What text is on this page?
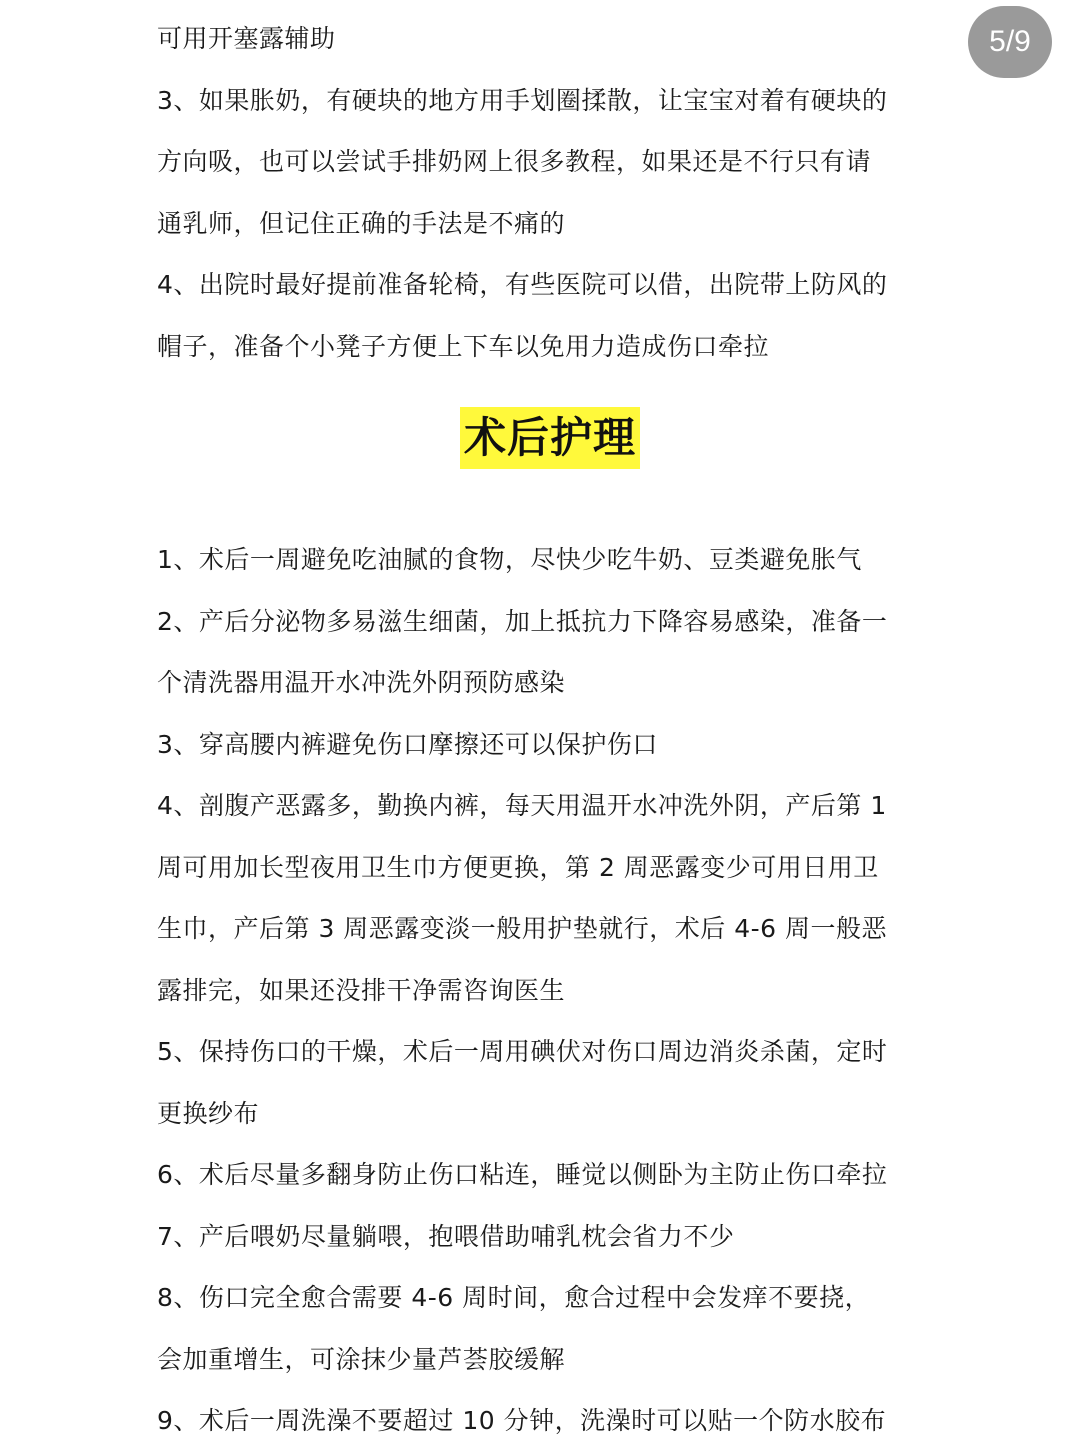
5/9
可用开塞露辅助
3、如果胀奶，有硬块的地方用手划圈揉散，让宝宝对着有硬块的
方向吸，也可以尝试手排奶网上很多教程，如果还是不行只有请
通乳师，但记住正确的手法是不痛的
4、出院时最好提前准备轮椅，有些医院可以借，出院带上防风的
帽子，准备个小凳子方便上下车以免用力造成伤口牵拉
术后护理
1、术后一周避免吃油腻的食物，尽快少吃牛奶、豆类避免胀气
2、产后分泌物多易滋生细菌，加上抵抗力下降容易感染，准备一
个清洗器用温开水冲洗外阴预防感染
3、穿高腰内裤避免伤口摩擦还可以保护伤口
4、剖腹产恶露多，勤换内裤，每天用温开水冲洗外阴，产后第 1
周可用加长型夜用卫生巾方便更换，第 2 周恶露变少可用日用卫
生巾，产后第 3 周恶露变淡一般用护垫就行，术后 4-6 周一般恶
露排完，如果还没排干净需咨询医生
5、保持伤口的干燥，术后一周用碘伏对伤口周边消炎杀菌，定时
更换纱布
6、术后尽量多翻身防止伤口粘连，睡觉以侧卧为主防止伤口牵拉
7、产后喂奶尽量躺喂，抱喂借助哺乳枕会省力不少
8、伤口完全愈合需要 4-6 周时间，愈合过程中会发痒不要挠，
会加重增生，可涂抹少量芦荟胶缓解
9、术后一周洗澡不要超过 10 分钟，洗澡时可以贴一个防水胶布
